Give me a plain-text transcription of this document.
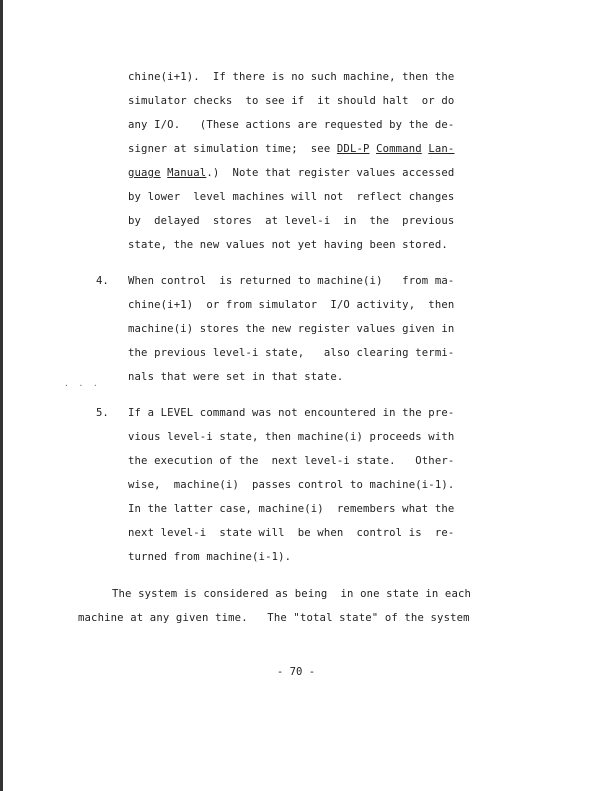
chine(i+1).  If there is no such machine, then the
simulator checks  to see if  it should halt  or do
any I/O.   (These actions are requested by the de-
signer at simulation time;  see DDL-P Command Lan-
guage Manual.)  Note that register values accessed
by lower  level machines will not  reflect changes
by  delayed  stores  at level-i  in  the  previous
state, the new values not yet having been stored.
4. When control  is returned to machine(i)   from ma-
chine(i+1)  or from simulator  I/O activity,  then
machine(i) stores the new register values given in
the previous level-i state,   also clearing termi-
nals that were set in that state.
·  ·  ·
5. If a LEVEL command was not encountered in the pre-
vious level-i state, then machine(i) proceeds with
the execution of the  next level-i state.   Other-
wise,  machine(i)  passes control to machine(i-1).
In the latter case, machine(i)  remembers what the
next level-i  state will  be when  control is  re-
turned from machine(i-1).
The system is considered as being  in one state in each
machine at any given time.   The "total state" of the system
- 70 -
